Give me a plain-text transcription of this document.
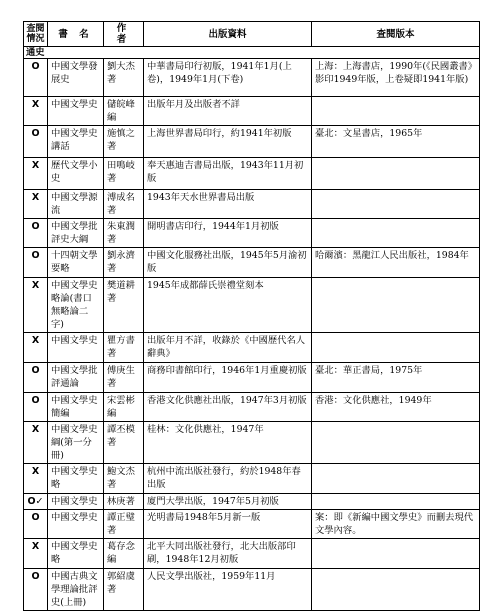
查閱
情況	書 名	作 者	出版資料	查閱版本
通史				
O	中國文學發展史	劉大杰著	中華書局印行初版，1941年1月(上卷)，1949年1月(下卷)	上海：上海書店，1990年(《民國叢書》影印1949年版，上卷疑即1941年版)
X	中國文學史	儲皖峰編	出版年月及出版者不詳	
O	中國文學史講話	施慎之著	上海世界書局印行，約1941年初版	臺北：文星書店，1965年
X	歷代文學小史	田鳴岐著	奉天惠迪吉書局出版，1943年11月初版	
X	中國文學源流	溥成名著	1943年天水世界書局出版	
O	中國文學批評史大綱	朱東潤著	開明書店印行，1944年1月初版	
O	十四朝文學要略	劉永濟著	中國文化服務社出版，1945年5月渝初版	哈爾濱：黑龍江人民出版社，1984年
X	中國文學史略論(書口無略論二字)	樊道耕著	1945年成都薛氏崇禮堂刻本	
X	中國文學史	瞿方書著	出版年月不詳，收錄於《中國歷代名人辭典》	
O	中國文學批評通論	傅庚生著	商務印書館印行，1946年1月重慶初版	臺北：華正書局，1975年
O	中國文學史簡編	宋雲彬編	香港文化供應社出版，1947年3月初版	香港：文化供應社，1949年
X	中國文學史綱(第一分冊)	譚丕模著	桂林：文化供應社，1947年	
X	中國文學史略	鮑文杰著	杭州中流出版社發行，約於1948年春出版	
O✓	中國文學史	林庚著	廈門大學出版，1947年5月初版	
O	中國文學史	譚正璧著	光明書局1948年5月新一版	案：即《新編中國文學史》而刪去現代文學內容。
X	中國文學史略	葛存念編	北平大同出版社發行，北大出版部印刷，1948年12月初版	
O	中國古典文學理論批評史(上冊)	郭紹虞著	人民文學出版社，1959年11月	
